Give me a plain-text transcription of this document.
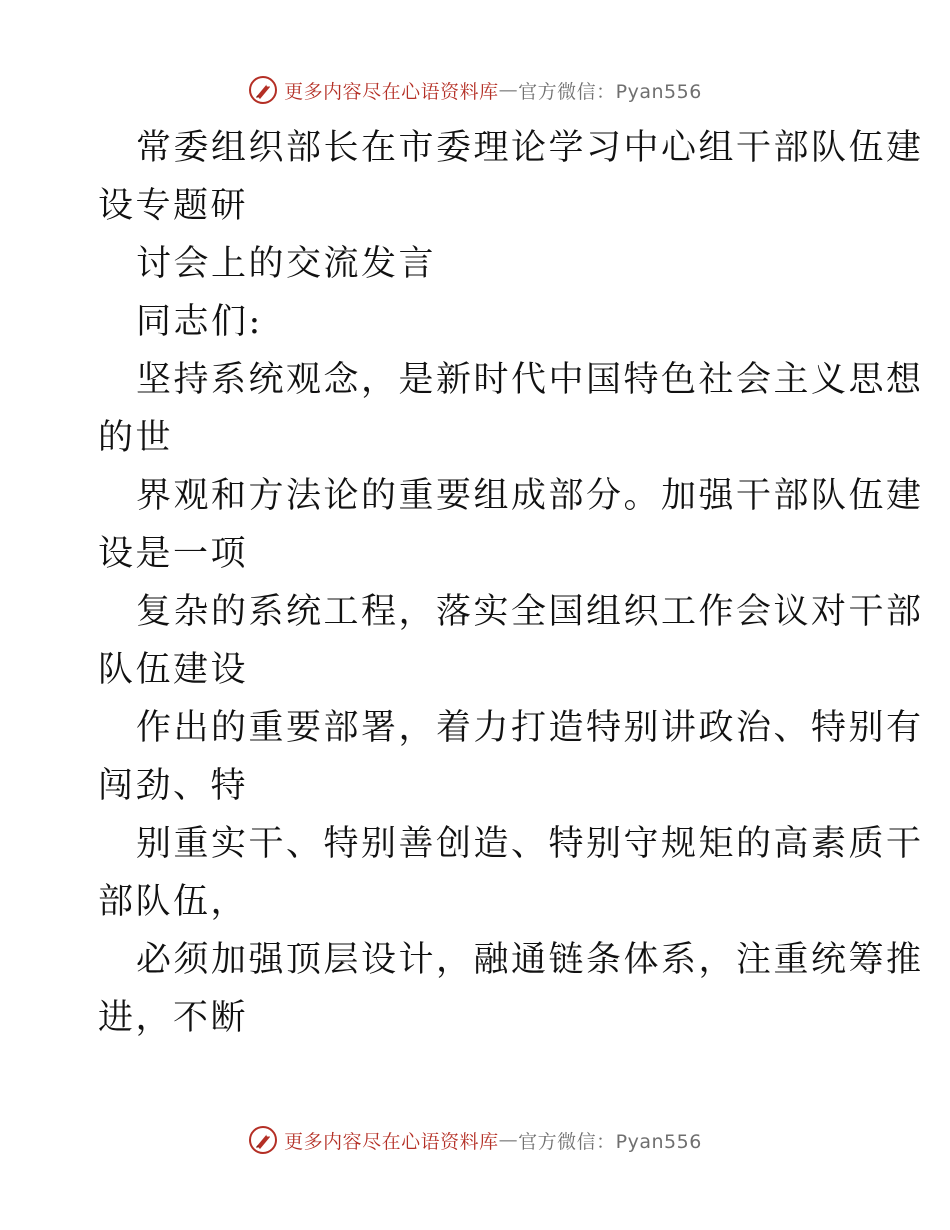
更多内容尽在心语资料库 — 官方微信：Pyan556
常委组织部长在市委理论学习中心组干部队伍建
设专题研
讨会上的交流发言
同志们:
坚持系统观念，是新时代中国特色社会主义思想
的世
界观和方法论的重要组成部分。加强干部队伍建
设是一项
复杂的系统工程，落实全国组织工作会议对干部
队伍建设
作出的重要部署，着力打造特别讲政治、特别有
闯劲、特
别重实干、特别善创造、特别守规矩的高素质干
部队伍，
必须加强顶层设计，融通链条体系，注重统筹推
进，不断
更多内容尽在心语资料库 — 官方微信：Pyan556
